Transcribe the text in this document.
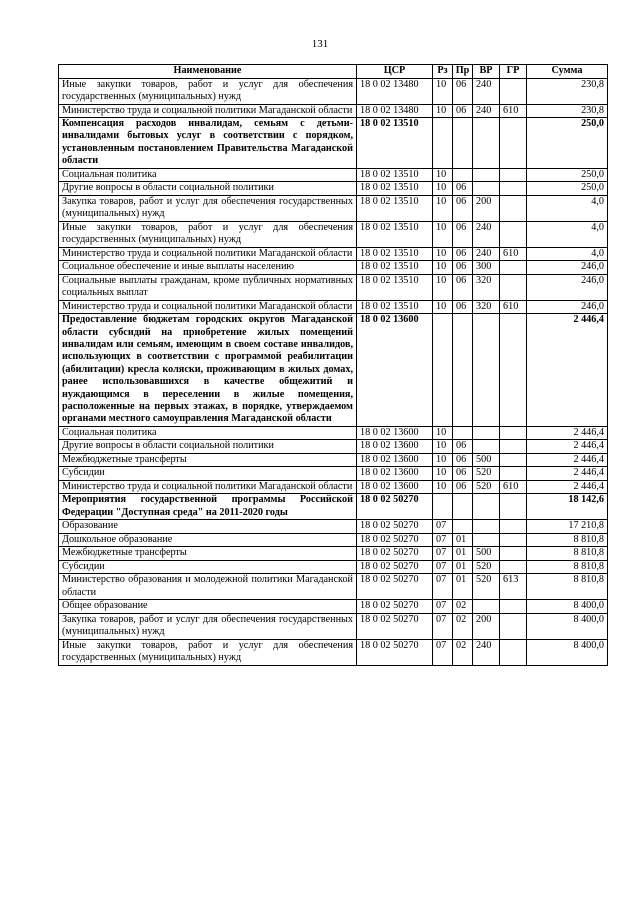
131
Наименование	ЦСР	Рз	Пр	ВР	ГР	Сумма
Иные закупки товаров, работ и услуг для обеспечения государственных (муниципальных) нужд	18 0 02 13480	10	06	240		230,8
Министерство труда и социальной политики Магаданской области	18 0 02 13480	10	06	240	610	230,8
Компенсация расходов инвалидам, семьям с детьми-инвалидами бытовых услуг в соответствии с порядком, установленным постановлением Правительства Магаданской области	18 0 02 13510					250,0
Социальная политика	18 0 02 13510	10				250,0
Другие вопросы в области социальной политики	18 0 02 13510	10	06			250,0
Закупка товаров, работ и услуг для обеспечения государственных (муниципальных) нужд	18 0 02 13510	10	06	200		4,0
Иные закупки товаров, работ и услуг для обеспечения государственных (муниципальных) нужд	18 0 02 13510	10	06	240		4,0
Министерство труда и социальной политики Магаданской области	18 0 02 13510	10	06	240	610	4,0
Социальное обеспечение и иные выплаты населению	18 0 02 13510	10	06	300		246,0
Социальные выплаты гражданам, кроме публичных нормативных социальных выплат	18 0 02 13510	10	06	320		246,0
Министерство труда и социальной политики Магаданской области	18 0 02 13510	10	06	320	610	246,0
Предоставление бюджетам городских округов Магаданской области субсидий на приобретение жилых помещений инвалидам или семьям, имеющим в своем составе инвалидов, использующих в соответствии с программой реабилитации (абилитации) кресла коляски, проживающим в жилых домах, ранее использовавшихся в качестве общежитий и нуждающимся в переселении в жилые помещения, расположенные на первых этажах, в порядке, утверждаемом органами местного самоуправления Магаданской области	18 0 02 13600					2 446,4
Социальная политика	18 0 02 13600	10				2 446,4
Другие вопросы в области социальной политики	18 0 02 13600	10	06			2 446,4
Межбюджетные трансферты	18 0 02 13600	10	06	500		2 446,4
Субсидии	18 0 02 13600	10	06	520		2 446,4
Министерство труда и социальной политики Магаданской области	18 0 02 13600	10	06	520	610	2 446,4
Мероприятия государственной программы Российской Федерации "Доступная среда" на 2011-2020 годы	18 0 02 50270					18 142,6
Образование	18 0 02 50270	07				17 210,8
Дошкольное образование	18 0 02 50270	07	01			8 810,8
Межбюджетные трансферты	18 0 02 50270	07	01	500		8 810,8
Субсидии	18 0 02 50270	07	01	520		8 810,8
Министерство образования и молодежной политики Магаданской области	18 0 02 50270	07	01	520	613	8 810,8
Общее образование	18 0 02 50270	07	02			8 400,0
Закупка товаров, работ и услуг для обеспечения государственных (муниципальных) нужд	18 0 02 50270	07	02	200		8 400,0
Иные закупки товаров, работ и услуг для обеспечения государственных (муниципальных) нужд	18 0 02 50270	07	02	240		8 400,0
